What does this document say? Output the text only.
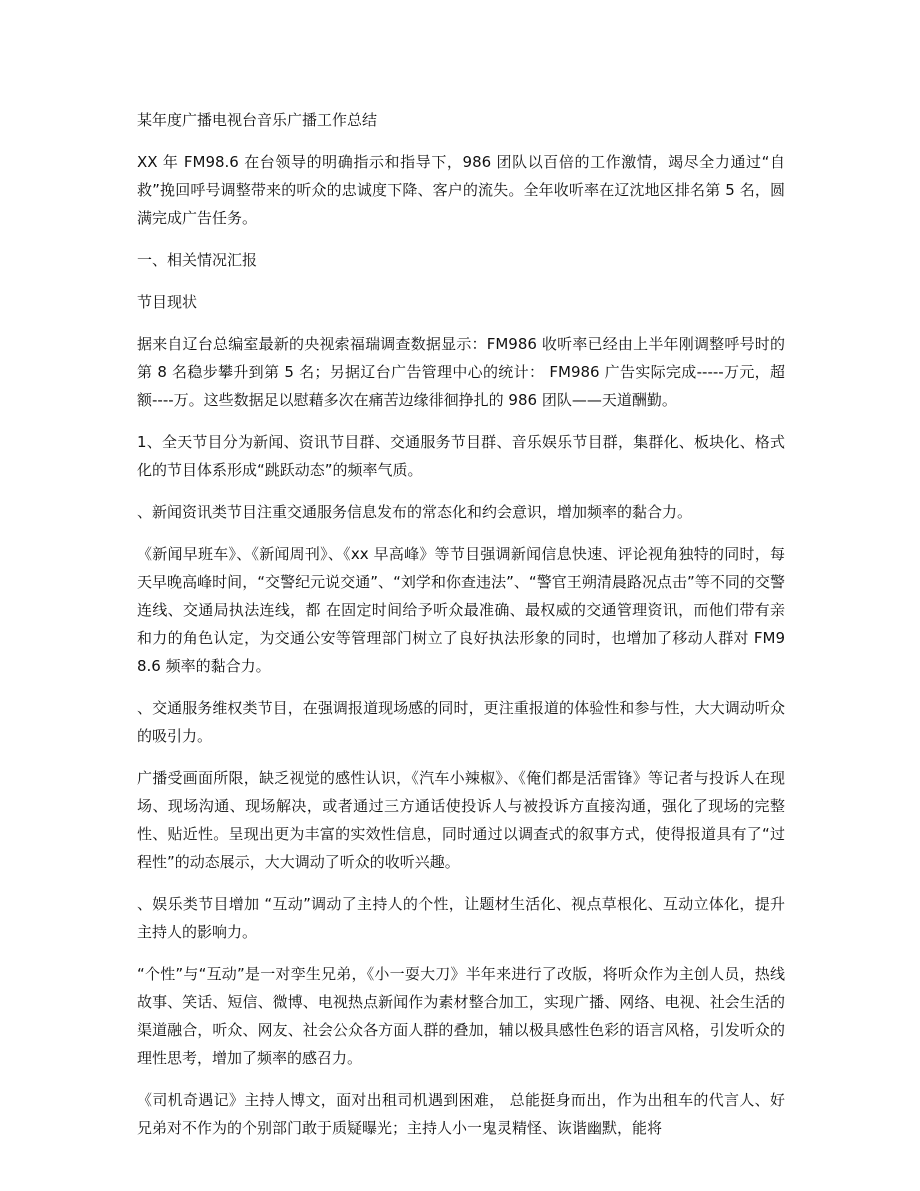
某年度广播电视台音乐广播工作总结

XX 年 FM98.6 在台领导的明确指示和指导下，986 团队以百倍的工作激情，竭尽全力通过“自救”挽回呼号调整带来的听众的忠诚度下降、客户的流失。全年收听率在辽沈地区排名第 5 名，圆满完成广告任务。

一、相关情况汇报

节目现状

据来自辽台总编室最新的央视索福瑞调查数据显示：FM986 收听率已经由上半年刚调整呼号时的第 8 名稳步攀升到第 5 名；另据辽台广告管理中心的统计： FM986 广告实际完成-----万元，超额----万。这些数据足以慰藉多次在痛苦边缘徘徊挣扎的 986 团队——天道酬勤。

1、全天节目分为新闻、资讯节目群、交通服务节目群、音乐娱乐节目群，集群化、板块化、格式化的节目体系形成“跳跃动态”的频率气质。

、新闻资讯类节目注重交通服务信息发布的常态化和约会意识，增加频率的黏合力。

《新闻早班车》、《新闻周刊》、《xx 早高峰》等节目强调新闻信息快速、评论视角独特的同时，每天早晚高峰时间，“交警纪元说交通”、“刘学和你查违法”、“警官王朔清晨路况点击”等不同的交警连线、交通局执法连线，都 在固定时间给予听众最准确、最权威的交通管理资讯，而他们带有亲和力的角色认定，为交通公安等管理部门树立了良好执法形象的同时，也增加了移动人群对 FM98.6 频率的黏合力。

、交通服务维权类节目，在强调报道现场感的同时，更注重报道的体验性和参与性，大大调动听众的吸引力。

广播受画面所限，缺乏视觉的感性认识，《汽车小辣椒》、《俺们都是活雷锋》等记者与投诉人在现场、现场沟通、现场解决，或者通过三方通话使投诉人与被投诉方直接沟通，强化了现场的完整性、贴近性。呈现出更为丰富的实效性信息，同时通过以调查式的叙事方式，使得报道具有了“过程性”的动态展示，大大调动了听众的收听兴趣。

、娱乐类节目增加 “互动”调动了主持人的个性，让题材生活化、视点草根化、互动立体化，提升主持人的影响力。

“个性”与“互动”是一对孪生兄弟，《小一耍大刀》半年来进行了改版，将听众作为主创人员，热线故事、笑话、短信、微博、电视热点新闻作为素材整合加工，实现广播、网络、电视、社会生活的渠道融合，听众、网友、社会公众各方面人群的叠加，辅以极具感性色彩的语言风格，引发听众的理性思考，增加了频率的感召力。

《司机奇遇记》主持人博文，面对出租司机遇到困难， 总能挺身而出，作为出租车的代言人、好兄弟对不作为的个别部门敢于质疑曝光；主持人小一鬼灵精怪、诙谐幽默，能将
